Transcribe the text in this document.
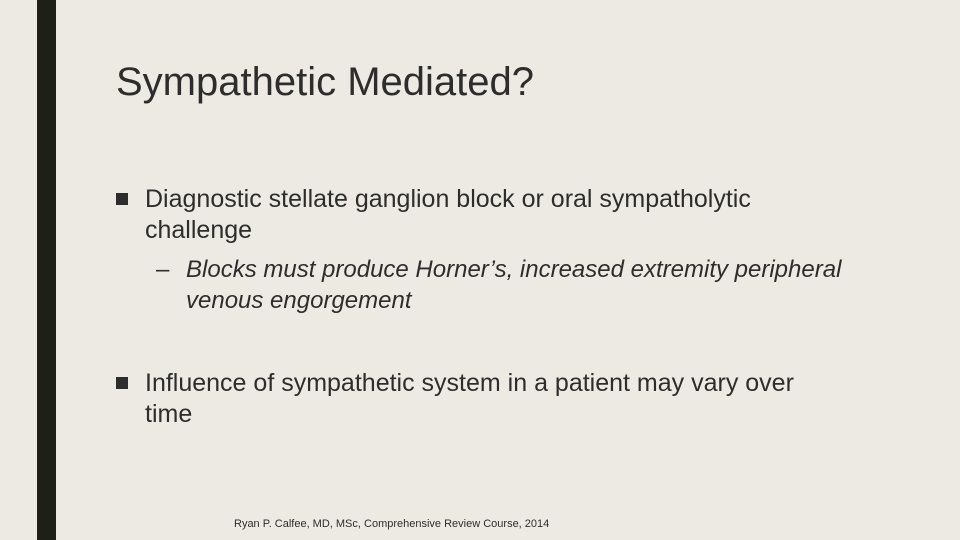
Sympathetic Mediated?
Diagnostic stellate ganglion block or oral sympatholytic challenge
– Blocks must produce Horner’s, increased extremity peripheral venous engorgement
Influence of sympathetic system in a patient may vary over time
Ryan P. Calfee, MD, MSc, Comprehensive Review Course, 2014
